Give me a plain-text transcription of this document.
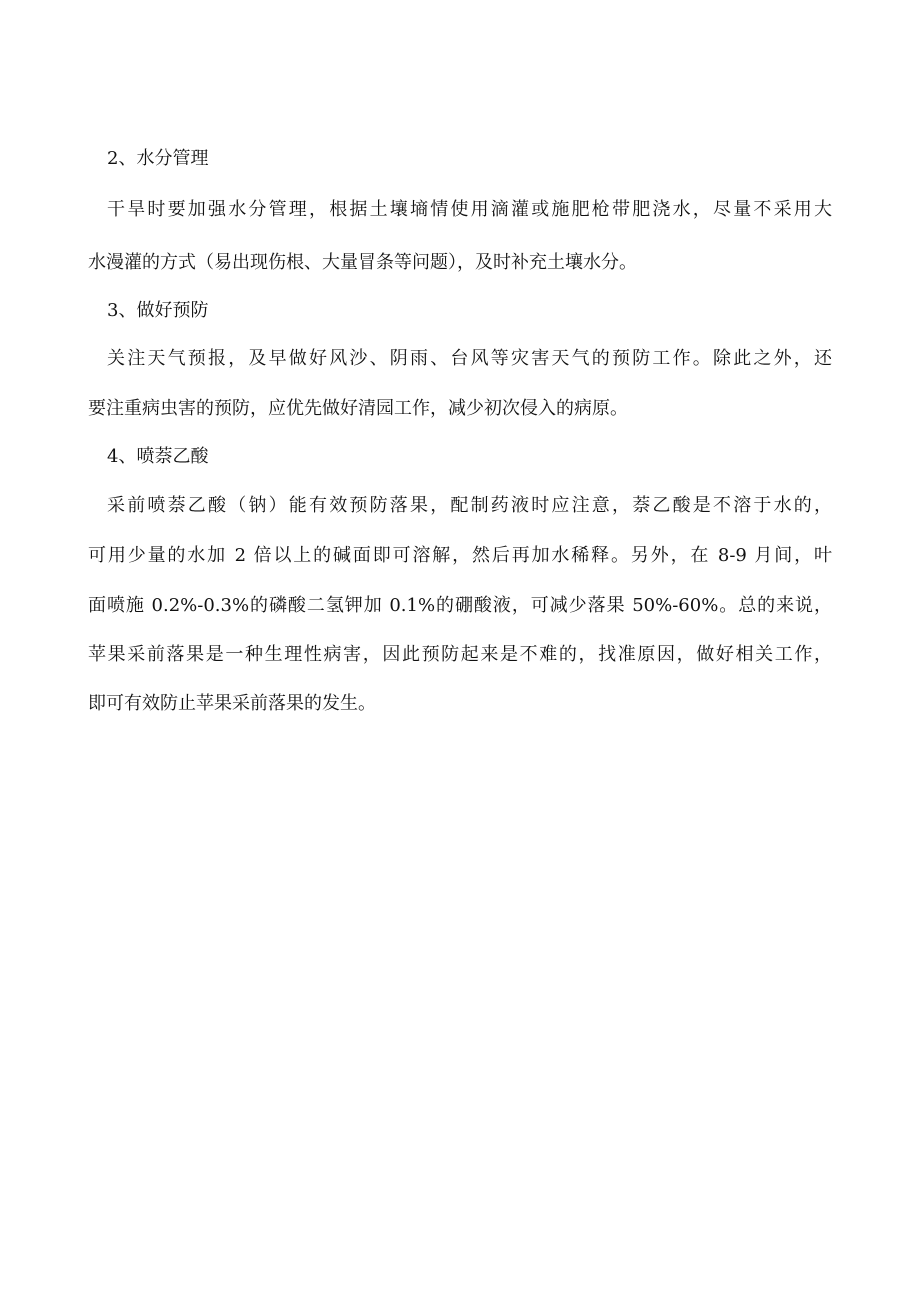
2、水分管理
干旱时要加强水分管理，根据土壤墒情使用滴灌或施肥枪带肥浇水，尽量不采用大
水漫灌的方式（易出现伤根、大量冒条等问题），及时补充土壤水分。
3、做好预防
关注天气预报，及早做好风沙、阴雨、台风等灾害天气的预防工作。除此之外，还
要注重病虫害的预防，应优先做好清园工作，减少初次侵入的病原。
4、喷萘乙酸
采前喷萘乙酸（钠）能有效预防落果，配制药液时应注意，萘乙酸是不溶于水的，
可用少量的水加 2 倍以上的碱面即可溶解，然后再加水稀释。另外，在 8-9 月间，叶
面喷施 0.2%-0.3%的磷酸二氢钾加 0.1%的硼酸液，可减少落果 50%-60%。总的来说，
苹果采前落果是一种生理性病害，因此预防起来是不难的，找准原因，做好相关工作，
即可有效防止苹果采前落果的发生。
